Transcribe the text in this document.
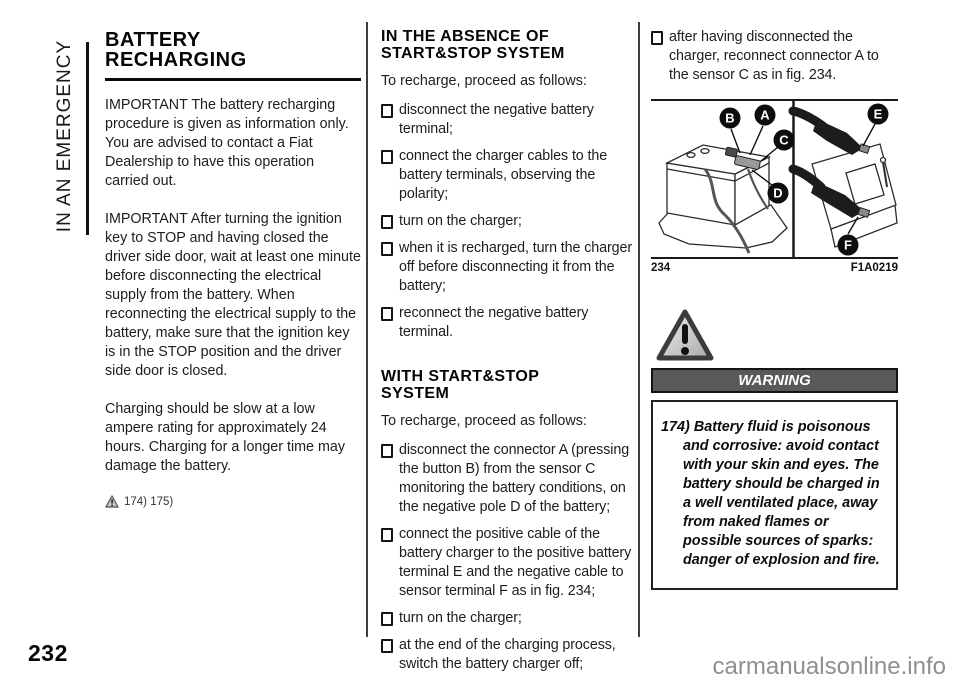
IN AN EMERGENCY BATTERY RECHARGING

IMPORTANT The battery recharging procedure is given as information only. You are advised to contact a Fiat Dealership to have this operation carried out.

IMPORTANT After turning the ignition key to STOP and having closed the driver side door, wait at least one minute before disconnecting the electrical supply from the battery. When reconnecting the electrical supply to the battery, make sure that the ignition key is in the STOP position and the driver side door is closed.

Charging should be slow at a low ampere rating for approximately 24 hours. Charging for a longer time may damage the battery.

174) 175)
IN THE ABSENCE OF START&STOP SYSTEM

To recharge, proceed as follows:

disconnect the negative battery terminal;
connect the charger cables to the battery terminals, observing the polarity;
turn on the charger;
when it is recharged, turn the charger off before disconnecting it from the battery;
reconnect the negative battery terminal.
WITH START&STOP SYSTEM

To recharge, proceed as follows:

disconnect the connector A (pressing the button B) from the sensor C monitoring the battery conditions, on the negative pole D of the battery;
connect the positive cable of the battery charger to the positive battery terminal E and the negative cable to sensor terminal F as in fig. 234;
turn on the charger;
at the end of the charging process, switch the battery charger off;
after having disconnected the charger, reconnect connector A to the sensor C as in fig. 234.
B A
C
D
E
F
234	F1A0219
WARNING

174) Battery fluid is poisonous and corrosive: avoid contact with your skin and eyes. The battery should be charged in a well ventilated place, away from naked flames or possible sources of sparks: danger of explosion and fire.

232	carmanualsonline.info
